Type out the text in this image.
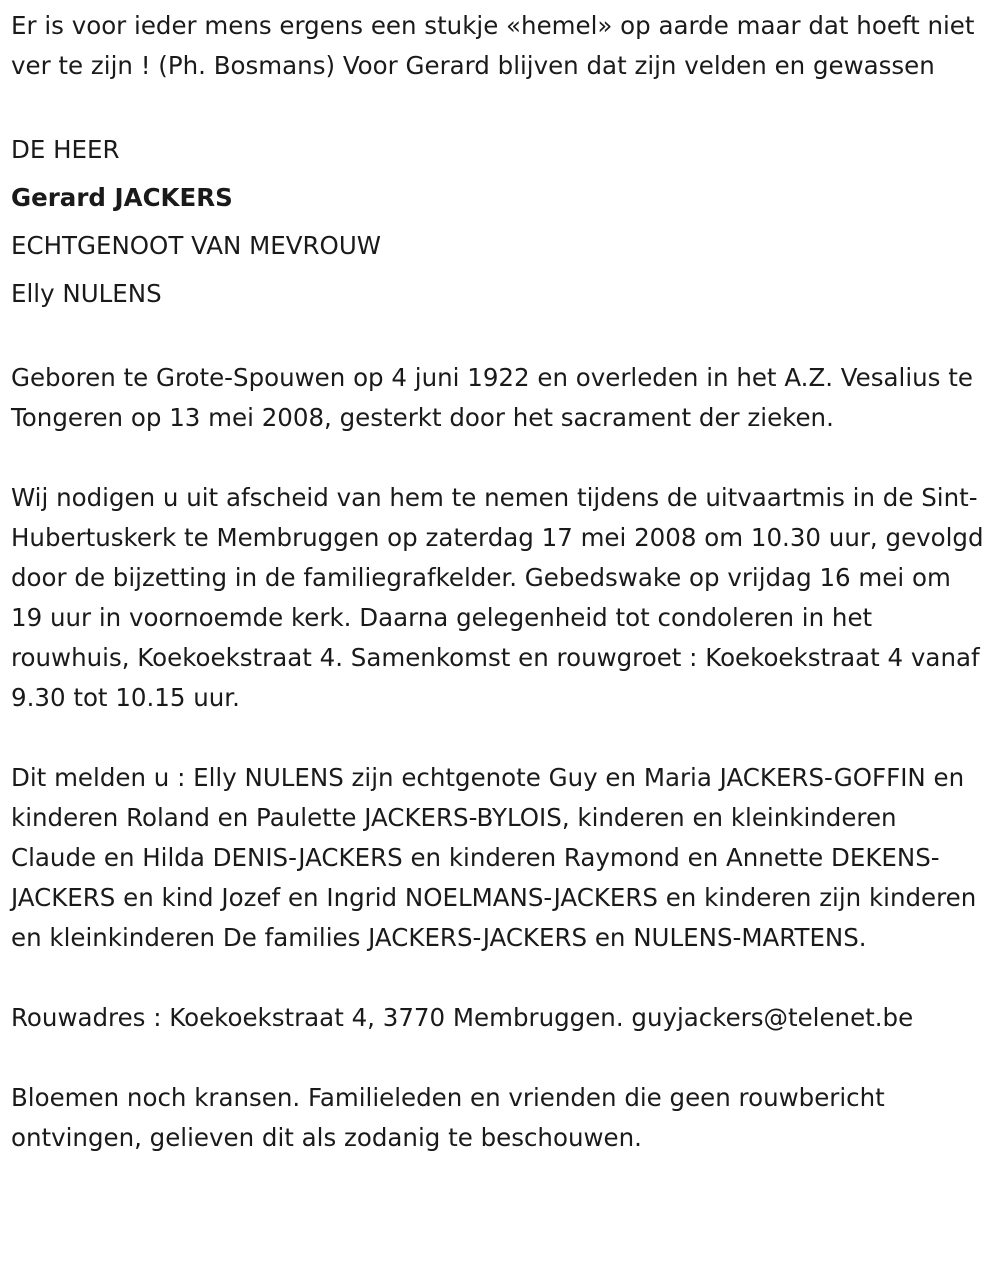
Er is voor ieder mens ergens een stukje «hemel» op aarde maar dat hoeft niet ver te zijn ! (Ph. Bosmans) Voor Gerard blijven dat zijn velden en gewassen

DE HEER

Gerard JACKERS

ECHTGENOOT VAN MEVROUW

Elly NULENS

Geboren te Grote-Spouwen op 4 juni 1922 en overleden in het A.Z. Vesalius te Tongeren op 13 mei 2008, gesterkt door het sacrament der zieken.

Wij nodigen u uit afscheid van hem te nemen tijdens de uitvaartmis in de Sint-Hubertuskerk te Membruggen op zaterdag 17 mei 2008 om 10.30 uur, gevolgd door de bijzetting in de familiegrafkelder. Gebedswake op vrijdag 16 mei om 19 uur in voornoemde kerk. Daarna gelegenheid tot condoleren in het rouwhuis, Koekoekstraat 4. Samenkomst en rouwgroet : Koekoekstraat 4 vanaf 9.30 tot 10.15 uur.

Dit melden u : Elly NULENS zijn echtgenote Guy en Maria JACKERS-GOFFIN en kinderen Roland en Paulette JACKERS-BYLOIS, kinderen en kleinkinderen Claude en Hilda DENIS-JACKERS en kinderen Raymond en Annette DEKENS-JACKERS en kind Jozef en Ingrid NOELMANS-JACKERS en kinderen zijn kinderen en kleinkinderen De families JACKERS-JACKERS en NULENS-MARTENS.

Rouwadres : Koekoekstraat 4, 3770 Membruggen. guyjackers@telenet.be

Bloemen noch kransen. Familieleden en vrienden die geen rouwbericht ontvingen, gelieven dit als zodanig te beschouwen.
